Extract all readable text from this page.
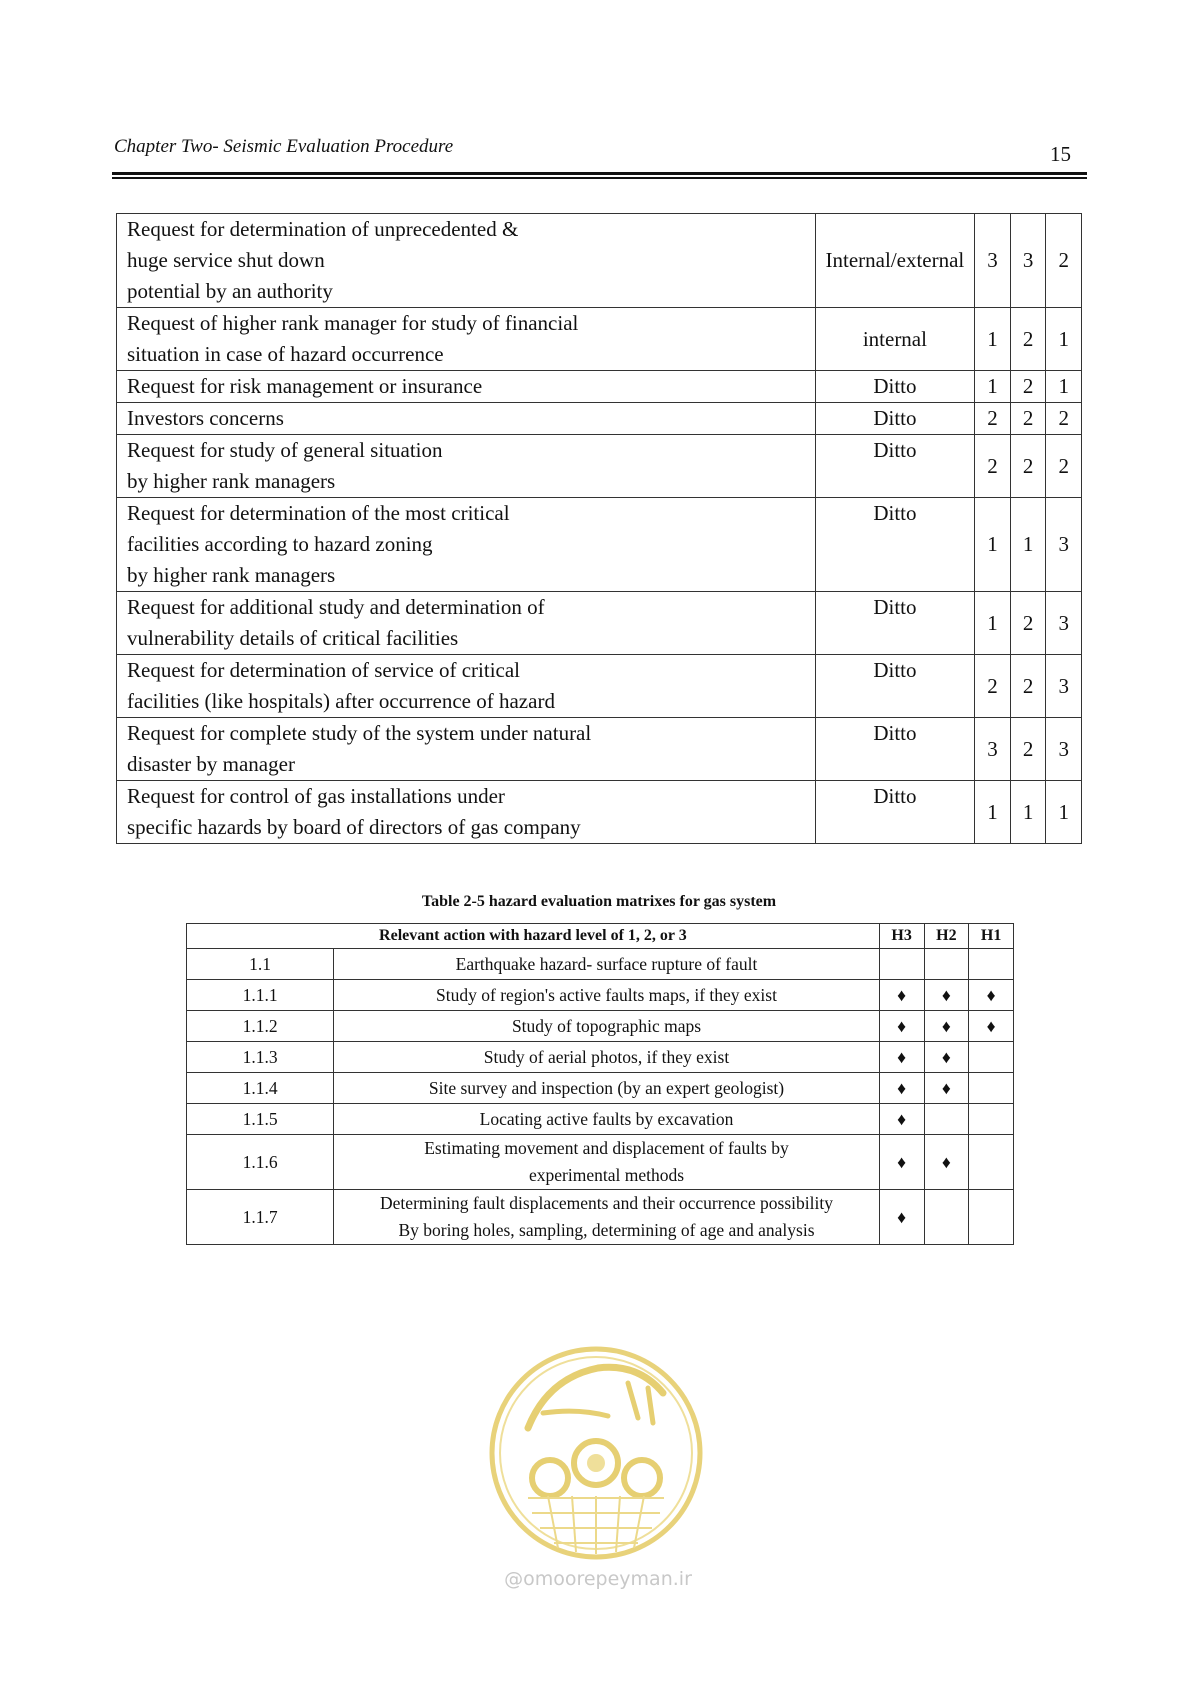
Chapter Two- Seismic Evaluation Procedure	15
Request for determination of unprecedented &
huge service shut down
potential by an authority	Internal/external	3	3	2

Request of higher rank manager for study of financial
situation in case of hazard occurrence	internal	1	2	1

Request for risk management or insurance	Ditto	1	2	1

Investors concerns	Ditto	2	2	2

Request for study of general situation
by higher rank managers	Ditto	2	2	2

Request for determination of the most critical
facilities according to hazard zoning
by higher rank managers	Ditto	1	1	3

Request for additional study and determination of
vulnerability details of critical facilities	Ditto	1	2	3

Request for determination of service of critical
facilities (like hospitals) after occurrence of hazard	Ditto	2	2	3

Request for complete study of the system under natural
disaster by manager	Ditto	3	2	3

Request for control of gas installations under
specific hazards by board of directors of gas company	Ditto	1	1	1
Table 2-5 hazard evaluation matrixes for gas system
Relevant action with hazard level of 1, 2, or 3		H3	H2	H1
1.1	Earthquake hazard- surface rupture of fault			

1.1.1	Study of region's active faults maps, if they exist	♦	♦	♦
1.1.2	Study of topographic maps	♦	♦	♦
1.1.3	Study of aerial photos, if they exist	♦	♦	
1.1.4	Site survey and inspection (by an expert geologist)	♦	♦	
1.1.5	Locating active faults by excavation	♦		
1.1.6	Estimating movement and displacement of faults by
experimental methods	♦	♦	
1.1.7	Determining fault displacements and their occurrence possibility
By boring holes, sampling, determining of age and analysis	♦		
@omoorepeyman.ir
